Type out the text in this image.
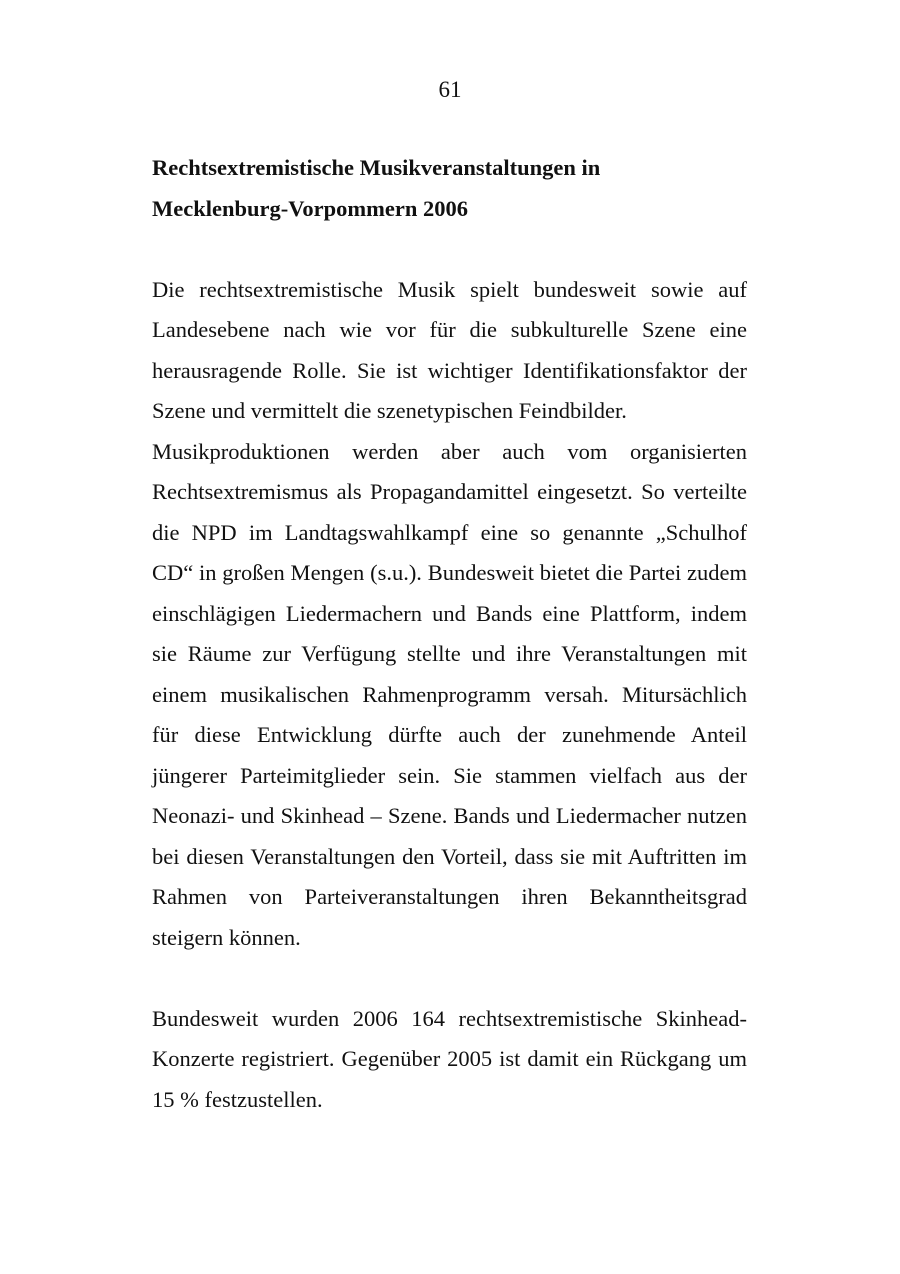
61
Rechtsextremistische Musikveranstaltungen in
Mecklenburg-Vorpommern 2006

Die rechtsextremistische Musik spielt bundesweit sowie auf Landesebene nach wie vor für die subkulturelle Szene eine herausragende Rolle. Sie ist wichtiger Identifikationsfaktor der Szene und vermittelt die szenetypischen Feindbilder.

Musikproduktionen werden aber auch vom organisierten Rechtsextremismus als Propagandamittel eingesetzt. So verteilte die NPD im Landtagswahlkampf eine so genannte „Schulhof CD“ in großen Mengen (s.u.). Bundesweit bietet die Partei zudem einschlägigen Liedermachern und Bands eine Plattform, indem sie Räume zur Verfügung stellte und ihre Veranstaltungen mit einem musikalischen Rahmenprogramm versah. Mitursächlich für diese Entwicklung dürfte auch der zunehmende Anteil jüngerer Parteimitglieder sein. Sie stammen vielfach aus der Neonazi- und Skinhead – Szene. Bands und Liedermacher nutzen bei diesen Veranstaltungen den Vorteil, dass sie mit Auftritten im Rahmen von Parteiveranstaltungen ihren Bekanntheitsgrad steigern können.

Bundesweit wurden 2006 164 rechtsextremistische Skinhead-Konzerte registriert. Gegenüber 2005 ist damit ein Rückgang um 15 % festzustellen.
